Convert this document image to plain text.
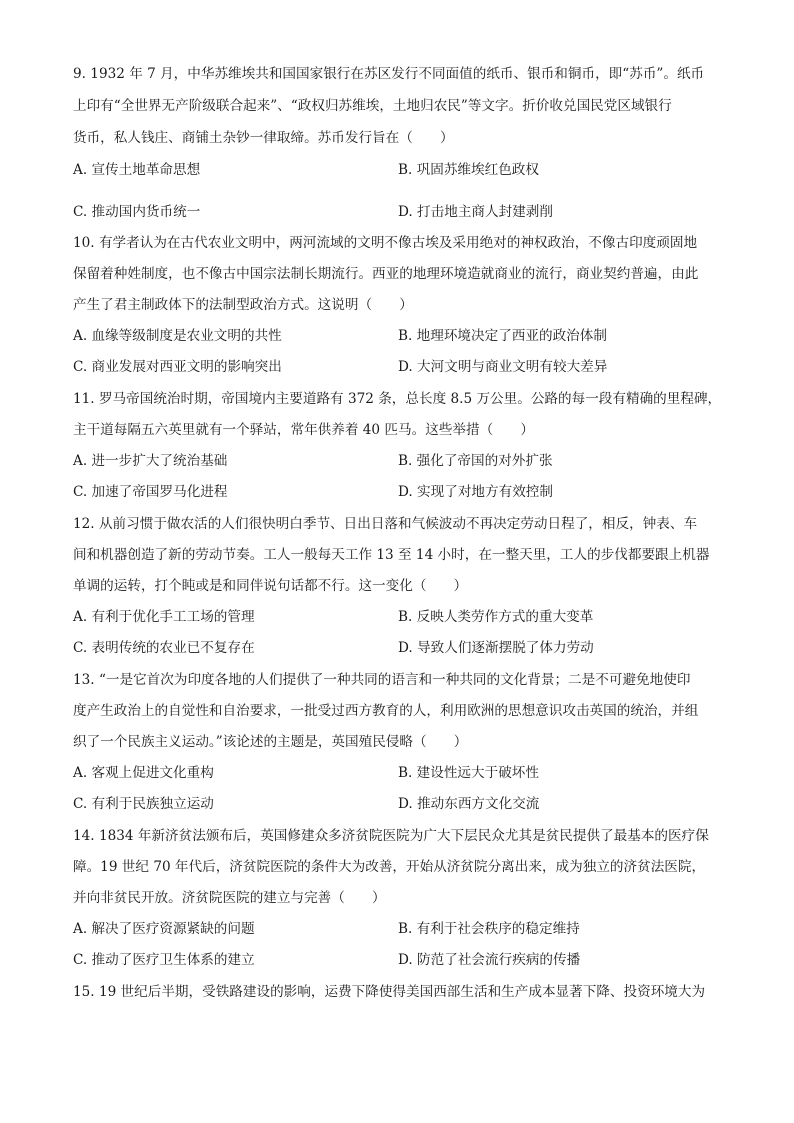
9. 1932 年 7 月，中华苏维埃共和国国家银行在苏区发行不同面值的纸币、银币和铜币，即“苏币”。纸币
上印有“全世界无产阶级联合起来”、“政权归苏维埃，土地归农民”等文字。折价收兑国民党区域银行
货币，私人钱庄、商铺土杂钞一律取缔。苏币发行旨在（　　）
A. 宣传土地革命思想	B. 巩固苏维埃红色政权
C. 推动国内货币统一	D. 打击地主商人封建剥削
10. 有学者认为在古代农业文明中，两河流域的文明不像古埃及采用绝对的神权政治，不像古印度顽固地
保留着种姓制度，也不像古中国宗法制长期流行。西亚的地理环境造就商业的流行，商业契约普遍，由此
产生了君主制政体下的法制型政治方式。这说明（　　）
A. 血缘等级制度是农业文明的共性	B. 地理环境决定了西亚的政治体制
C. 商业发展对西亚文明的影响突出	D. 大河文明与商业文明有较大差异
11. 罗马帝国统治时期，帝国境内主要道路有 372 条，总长度 8.5 万公里。公路的每一段有精确的里程碑，
主干道每隔五六英里就有一个驿站，常年供养着 40 匹马。这些举措（　　）
A. 进一步扩大了统治基础	B. 强化了帝国的对外扩张
C. 加速了帝国罗马化进程	D. 实现了对地方有效控制
12. 从前习惯于做农活的人们很快明白季节、日出日落和气候波动不再决定劳动日程了，相反，钟表、车
间和机器创造了新的劳动节奏。工人一般每天工作 13 至 14 小时，在一整天里，工人的步伐都要跟上机器
单调的运转，打个盹或是和同伴说句话都不行。这一变化（　　）
A. 有利于优化手工工场的管理	B. 反映人类劳作方式的重大变革
C. 表明传统的农业已不复存在	D. 导致人们逐渐摆脱了体力劳动
13. “一是它首次为印度各地的人们提供了一种共同的语言和一种共同的文化背景；二是不可避免地使印
度产生政治上的自觉性和自治要求，一批受过西方教育的人，利用欧洲的思想意识攻击英国的统治，并组
织了一个民族主义运动。”该论述的主题是，英国殖民侵略（　　）
A. 客观上促进文化重构	B. 建设性远大于破坏性
C. 有利于民族独立运动	D. 推动东西方文化交流
14. 1834 年新济贫法颁布后，英国修建众多济贫院医院为广大下层民众尤其是贫民提供了最基本的医疗保
障。19 世纪 70 年代后，济贫院医院的条件大为改善，开始从济贫院分离出来，成为独立的济贫法医院，
并向非贫民开放。济贫院医院的建立与完善（　　）
A. 解决了医疗资源紧缺的问题	B. 有利于社会秩序的稳定维持
C. 推动了医疗卫生体系的建立	D. 防范了社会流行疾病的传播
15. 19 世纪后半期，受铁路建设的影响，运费下降使得美国西部生活和生产成本显著下降、投资环境大为
